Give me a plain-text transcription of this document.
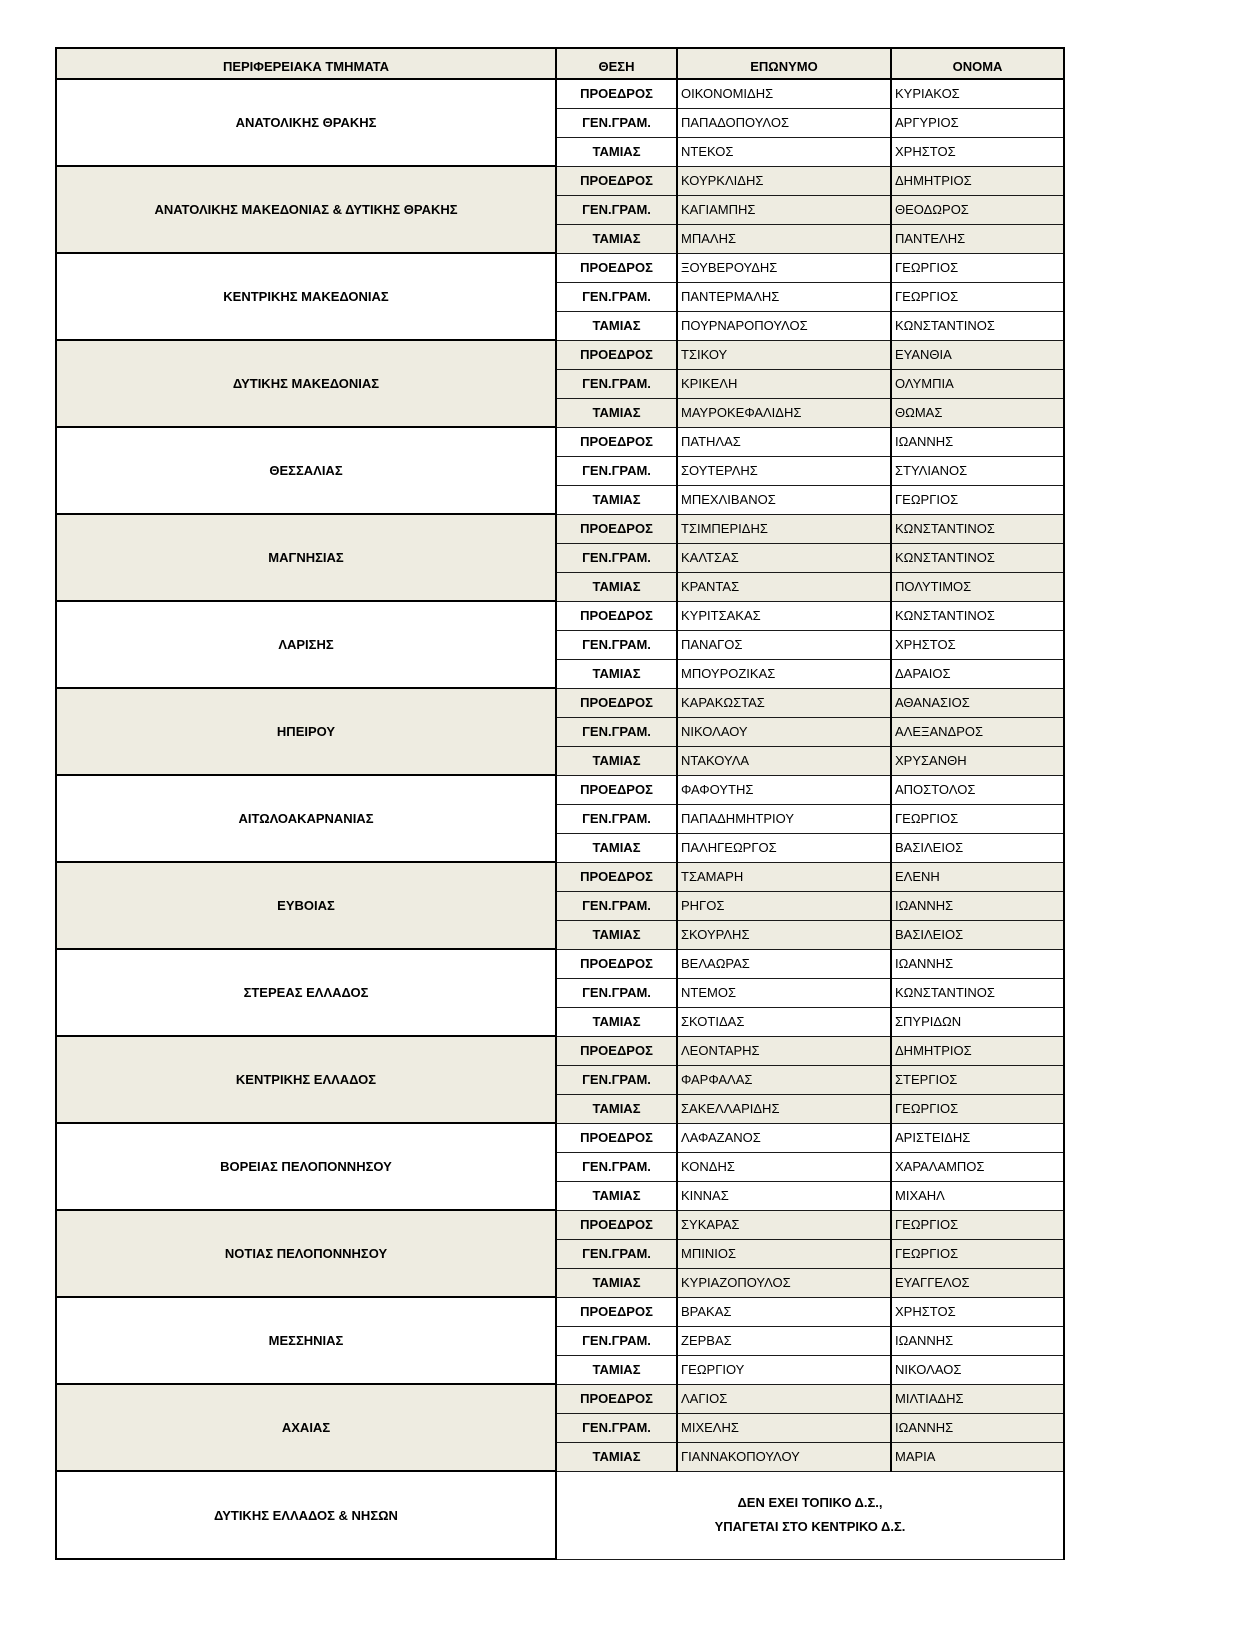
ΠΕΡΙΦΕΡΕΙΑΚΑ ΤΜΗΜΑΤΑ	ΘΕΣΗ	ΕΠΩΝΥΜΟ	ΟΝΟΜΑ
ΑΝΑΤΟΛΙΚΗΣ ΘΡΑΚΗΣ	ΠΡΟΕΔΡΟΣ	ΟΙΚΟΝΟΜΙΔΗΣ	ΚΥΡΙΑΚΟΣ
	ΓΕΝ.ΓΡΑΜ.	ΠΑΠΑΔΟΠΟΥΛΟΣ	ΑΡΓΥΡΙΟΣ
	ΤΑΜΙΑΣ	ΝΤΕΚΟΣ	ΧΡΗΣΤΟΣ
ΑΝΑΤΟΛΙΚΗΣ ΜΑΚΕΔΟΝΙΑΣ & ΔΥΤΙΚΗΣ ΘΡΑΚΗΣ	ΠΡΟΕΔΡΟΣ	ΚΟΥΡΚΛΙΔΗΣ	ΔΗΜΗΤΡΙΟΣ
	ΓΕΝ.ΓΡΑΜ.	ΚΑΓΙΑΜΠΗΣ	ΘΕΟΔΩΡΟΣ
	ΤΑΜΙΑΣ	ΜΠΑΛΗΣ	ΠΑΝΤΕΛΗΣ
ΚΕΝΤΡΙΚΗΣ ΜΑΚΕΔΟΝΙΑΣ	ΠΡΟΕΔΡΟΣ	ΞΟΥΒΕΡΟΥΔΗΣ	ΓΕΩΡΓΙΟΣ
	ΓΕΝ.ΓΡΑΜ.	ΠΑΝΤΕΡΜΑΛΗΣ	ΓΕΩΡΓΙΟΣ
	ΤΑΜΙΑΣ	ΠΟΥΡΝΑΡΟΠΟΥΛΟΣ	ΚΩΝΣΤΑΝΤΙΝΟΣ
ΔΥΤΙΚΗΣ ΜΑΚΕΔΟΝΙΑΣ	ΠΡΟΕΔΡΟΣ	ΤΣΙΚΟΥ	ΕΥΑΝΘΙΑ
	ΓΕΝ.ΓΡΑΜ.	ΚΡΙΚΕΛΗ	ΟΛΥΜΠΙΑ
	ΤΑΜΙΑΣ	ΜΑΥΡΟΚΕΦΑΛΙΔΗΣ	ΘΩΜΑΣ
ΘΕΣΣΑΛΙΑΣ	ΠΡΟΕΔΡΟΣ	ΠΑΤΗΛΑΣ	ΙΩΑΝΝΗΣ
	ΓΕΝ.ΓΡΑΜ.	ΣΟΥΤΕΡΛΗΣ	ΣΤΥΛΙΑΝΟΣ
	ΤΑΜΙΑΣ	ΜΠΕΧΛΙΒΑΝΟΣ	ΓΕΩΡΓΙΟΣ
ΜΑΓΝΗΣΙΑΣ	ΠΡΟΕΔΡΟΣ	ΤΣΙΜΠΕΡΙΔΗΣ	ΚΩΝΣΤΑΝΤΙΝΟΣ
	ΓΕΝ.ΓΡΑΜ.	ΚΑΛΤΣΑΣ	ΚΩΝΣΤΑΝΤΙΝΟΣ
	ΤΑΜΙΑΣ	ΚΡΑΝΤΑΣ	ΠΟΛΥΤΙΜΟΣ
ΛΑΡΙΣΗΣ	ΠΡΟΕΔΡΟΣ	ΚΥΡΙΤΣΑΚΑΣ	ΚΩΝΣΤΑΝΤΙΝΟΣ
	ΓΕΝ.ΓΡΑΜ.	ΠΑΝΑΓΟΣ	ΧΡΗΣΤΟΣ
	ΤΑΜΙΑΣ	ΜΠΟΥΡΟΖΙΚΑΣ	ΔΑΡΑΙΟΣ
ΗΠΕΙΡΟΥ	ΠΡΟΕΔΡΟΣ	ΚΑΡΑΚΩΣΤΑΣ	ΑΘΑΝΑΣΙΟΣ
	ΓΕΝ.ΓΡΑΜ.	ΝΙΚΟΛΑΟΥ	ΑΛΕΞΑΝΔΡΟΣ
	ΤΑΜΙΑΣ	ΝΤΑΚΟΥΛΑ	ΧΡΥΣΑΝΘΗ
ΑΙΤΩΛΟΑΚΑΡΝΑΝΙΑΣ	ΠΡΟΕΔΡΟΣ	ΦΑΦΟΥΤΗΣ	ΑΠΟΣΤΟΛΟΣ
	ΓΕΝ.ΓΡΑΜ.	ΠΑΠΑΔΗΜΗΤΡΙΟΥ	ΓΕΩΡΓΙΟΣ
	ΤΑΜΙΑΣ	ΠΑΛΗΓΕΩΡΓΟΣ	ΒΑΣΙΛΕΙΟΣ
ΕΥΒΟΙΑΣ	ΠΡΟΕΔΡΟΣ	ΤΣΑΜΑΡΗ	ΕΛΕΝΗ
	ΓΕΝ.ΓΡΑΜ.	ΡΗΓΟΣ	ΙΩΑΝΝΗΣ
	ΤΑΜΙΑΣ	ΣΚΟΥΡΛΗΣ	ΒΑΣΙΛΕΙΟΣ
ΣΤΕΡΕΑΣ ΕΛΛΑΔΟΣ	ΠΡΟΕΔΡΟΣ	ΒΕΛΑΩΡΑΣ	ΙΩΑΝΝΗΣ
	ΓΕΝ.ΓΡΑΜ.	ΝΤΕΜΟΣ	ΚΩΝΣΤΑΝΤΙΝΟΣ
	ΤΑΜΙΑΣ	ΣΚΟΤΙΔΑΣ	ΣΠΥΡΙΔΩΝ
ΚΕΝΤΡΙΚΗΣ ΕΛΛΑΔΟΣ	ΠΡΟΕΔΡΟΣ	ΛΕΟΝΤΑΡΗΣ	ΔΗΜΗΤΡΙΟΣ
	ΓΕΝ.ΓΡΑΜ.	ΦΑΡΦΑΛΑΣ	ΣΤΕΡΓΙΟΣ
	ΤΑΜΙΑΣ	ΣΑΚΕΛΛΑΡΙΔΗΣ	ΓΕΩΡΓΙΟΣ
ΒΟΡΕΙΑΣ ΠΕΛΟΠΟΝΝΗΣΟΥ	ΠΡΟΕΔΡΟΣ	ΛΑΦΑΖΑΝΟΣ	ΑΡΙΣΤΕΙΔΗΣ
	ΓΕΝ.ΓΡΑΜ.	ΚΟΝΔΗΣ	ΧΑΡΑΛΑΜΠΟΣ
	ΤΑΜΙΑΣ	ΚΙΝΝΑΣ	ΜΙΧΑΗΛ
ΝΟΤΙΑΣ ΠΕΛΟΠΟΝΝΗΣΟΥ	ΠΡΟΕΔΡΟΣ	ΣΥΚΑΡΑΣ	ΓΕΩΡΓΙΟΣ
	ΓΕΝ.ΓΡΑΜ.	ΜΠΙΝΙΟΣ	ΓΕΩΡΓΙΟΣ
	ΤΑΜΙΑΣ	ΚΥΡΙΑΖΟΠΟΥΛΟΣ	ΕΥΑΓΓΕΛΟΣ
ΜΕΣΣΗΝΙΑΣ	ΠΡΟΕΔΡΟΣ	ΒΡΑΚΑΣ	ΧΡΗΣΤΟΣ
	ΓΕΝ.ΓΡΑΜ.	ΖΕΡΒΑΣ	ΙΩΑΝΝΗΣ
	ΤΑΜΙΑΣ	ΓΕΩΡΓΙΟΥ	ΝΙΚΟΛΑΟΣ
ΑΧΑΙΑΣ	ΠΡΟΕΔΡΟΣ	ΛΑΓΙΟΣ	ΜΙΛΤΙΑΔΗΣ
	ΓΕΝ.ΓΡΑΜ.	ΜΙΧΕΛΗΣ	ΙΩΑΝΝΗΣ
	ΤΑΜΙΑΣ	ΓΙΑΝΝΑΚΟΠΟΥΛΟΥ	ΜΑΡΙΑ
ΔΥΤΙΚΗΣ ΕΛΛΑΔΟΣ & ΝΗΣΩΝ	ΔΕΝ ΕΧΕΙ ΤΟΠΙΚΟ Δ.Σ.,
ΥΠΑΓΕΤΑΙ ΣΤΟ ΚΕΝΤΡΙΚΟ Δ.Σ.		
